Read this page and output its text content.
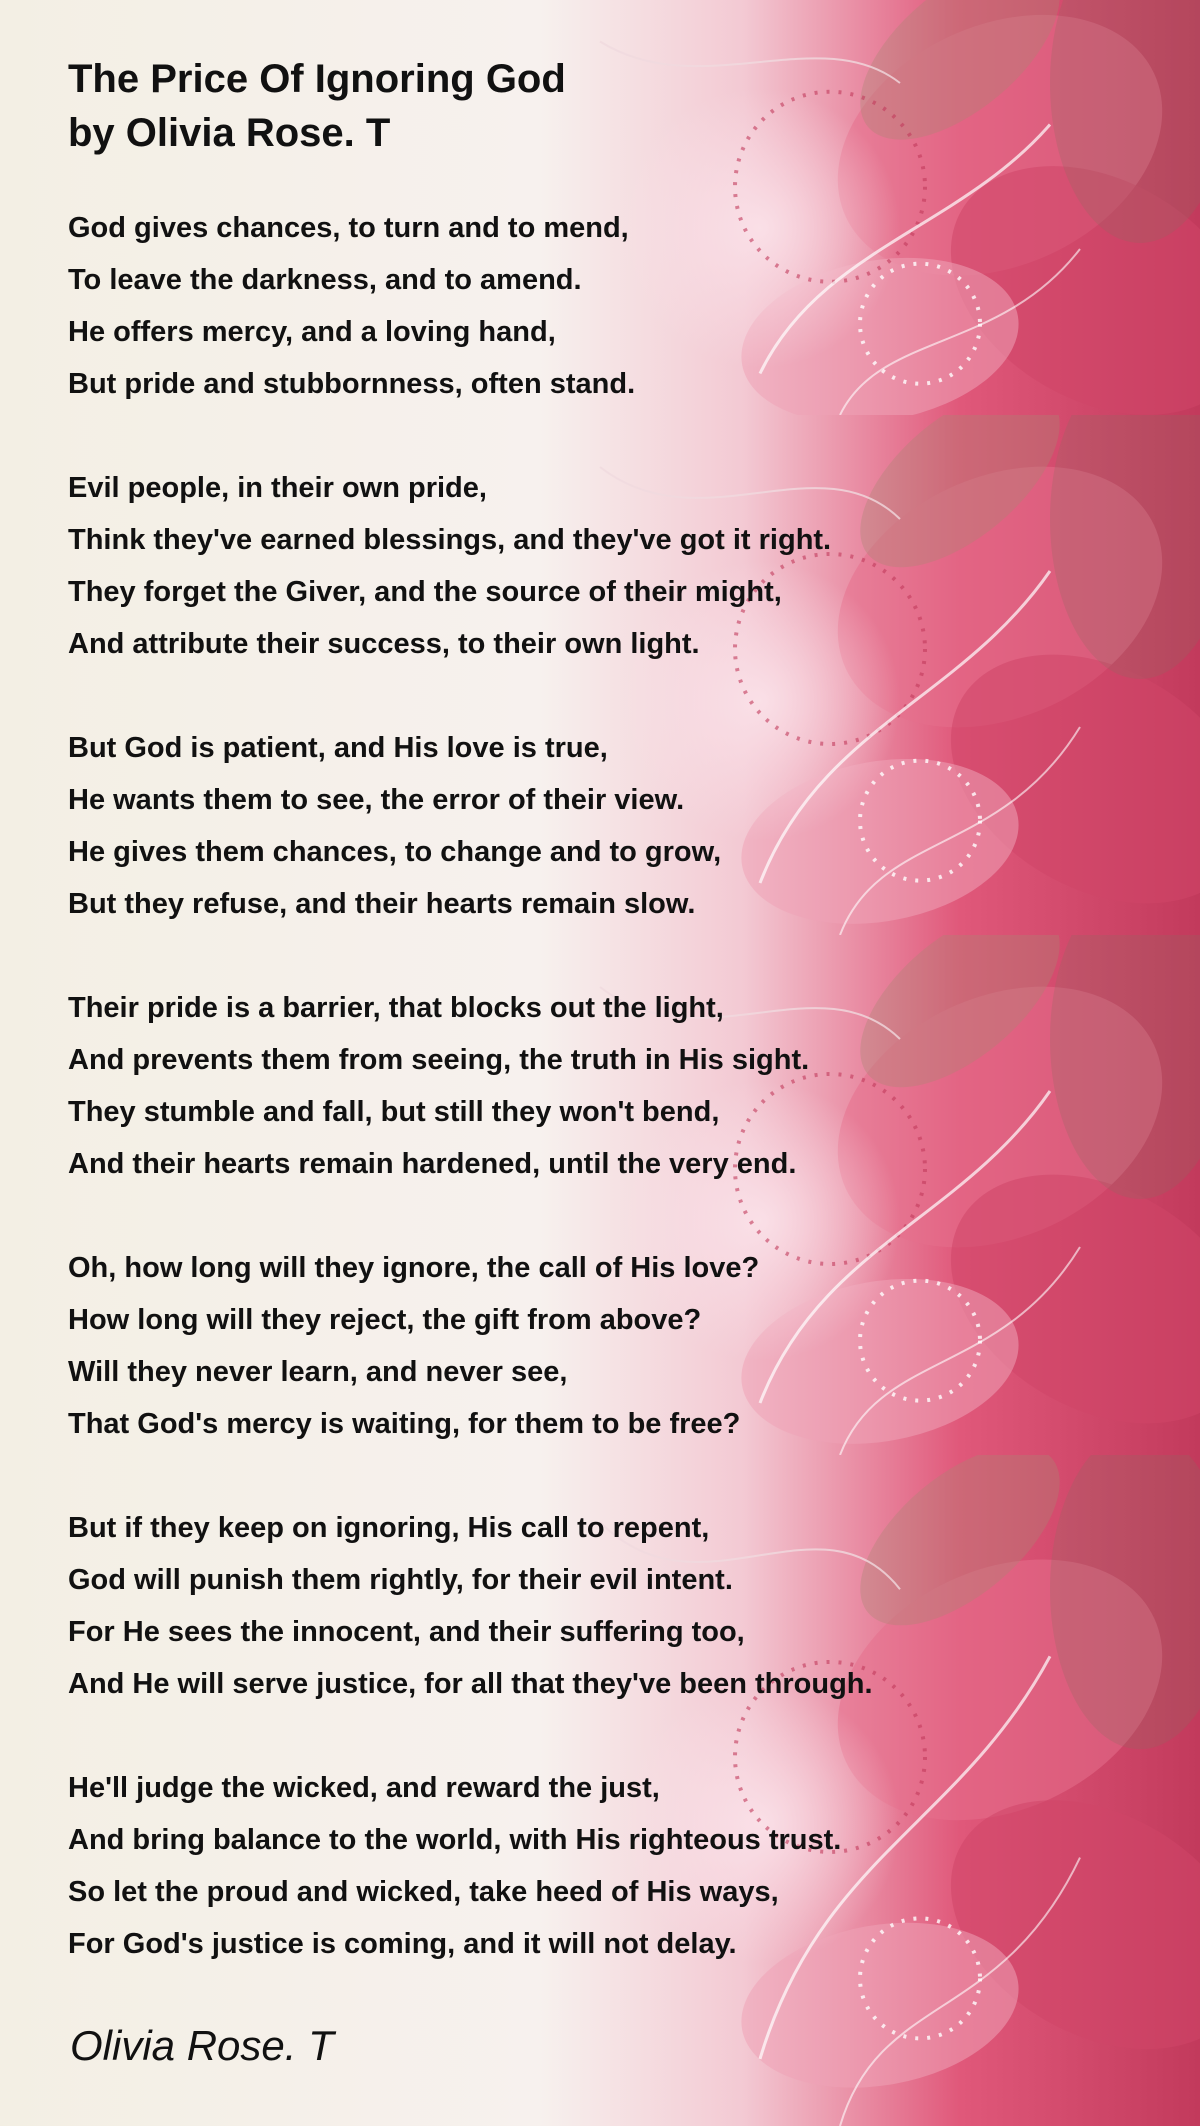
The Price Of Ignoring God
by Olivia Rose. T
God gives chances, to turn and to mend,
To leave the darkness, and to amend.
He offers mercy, and a loving hand,
But pride and stubbornness, often stand.
Evil people, in their own pride,
Think they've earned blessings, and they've got it right.
They forget the Giver, and the source of their might,
And attribute their success, to their own light.
But God is patient, and His love is true,
He wants them to see, the error of their view.
He gives them chances, to change and to grow,
But they refuse, and their hearts remain slow.
Their pride is a barrier, that blocks out the light,
And prevents them from seeing, the truth in His sight.
They stumble and fall, but still they won't bend,
And their hearts remain hardened, until the very end.
Oh, how long will they ignore, the call of His love?
How long will they reject, the gift from above?
Will they never learn, and never see,
That God's mercy is waiting, for them to be free?
But if they keep on ignoring, His call to repent,
God will punish them rightly, for their evil intent.
For He sees the innocent, and their suffering too,
And He will serve justice, for all that they've been through.
He'll judge the wicked, and reward the just,
And bring balance to the world, with His righteous trust.
So let the proud and wicked, take heed of His ways,
For God's justice is coming, and it will not delay.
Olivia Rose. T
